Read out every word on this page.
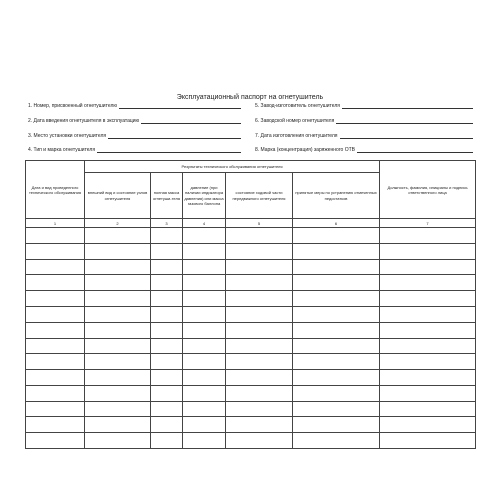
Эксплуатационный паспорт на огнетушитель
1. Номер, присвоенный огнетушителю
2. Дата введения огнетушителя в эксплуатацию
3. Место установки огнетушителя
4. Тип и марка огнетушителя
5. Завод-изготовитель огнетушителя
6. Заводской номер огнетушителя
7. Дата изготовления огнетушителя
8. Марка (концентрация) заряженного ОТВ
Дата и вид проведенного технического обслуживания	Результаты технического обслуживания огнетушителя					Должность, фамилия, инициалы и подпись ответственного лица
	внешний вид и состояние узлов огнетушителя	полная масса огнетуши-теля	давление (при наличии индикатора давления) или масса газового баллона	состояние ходовой части передвижного огнетушителя	принятые меры по устранению отмеченных недостатков	
1	2	3	4	5	6	7
